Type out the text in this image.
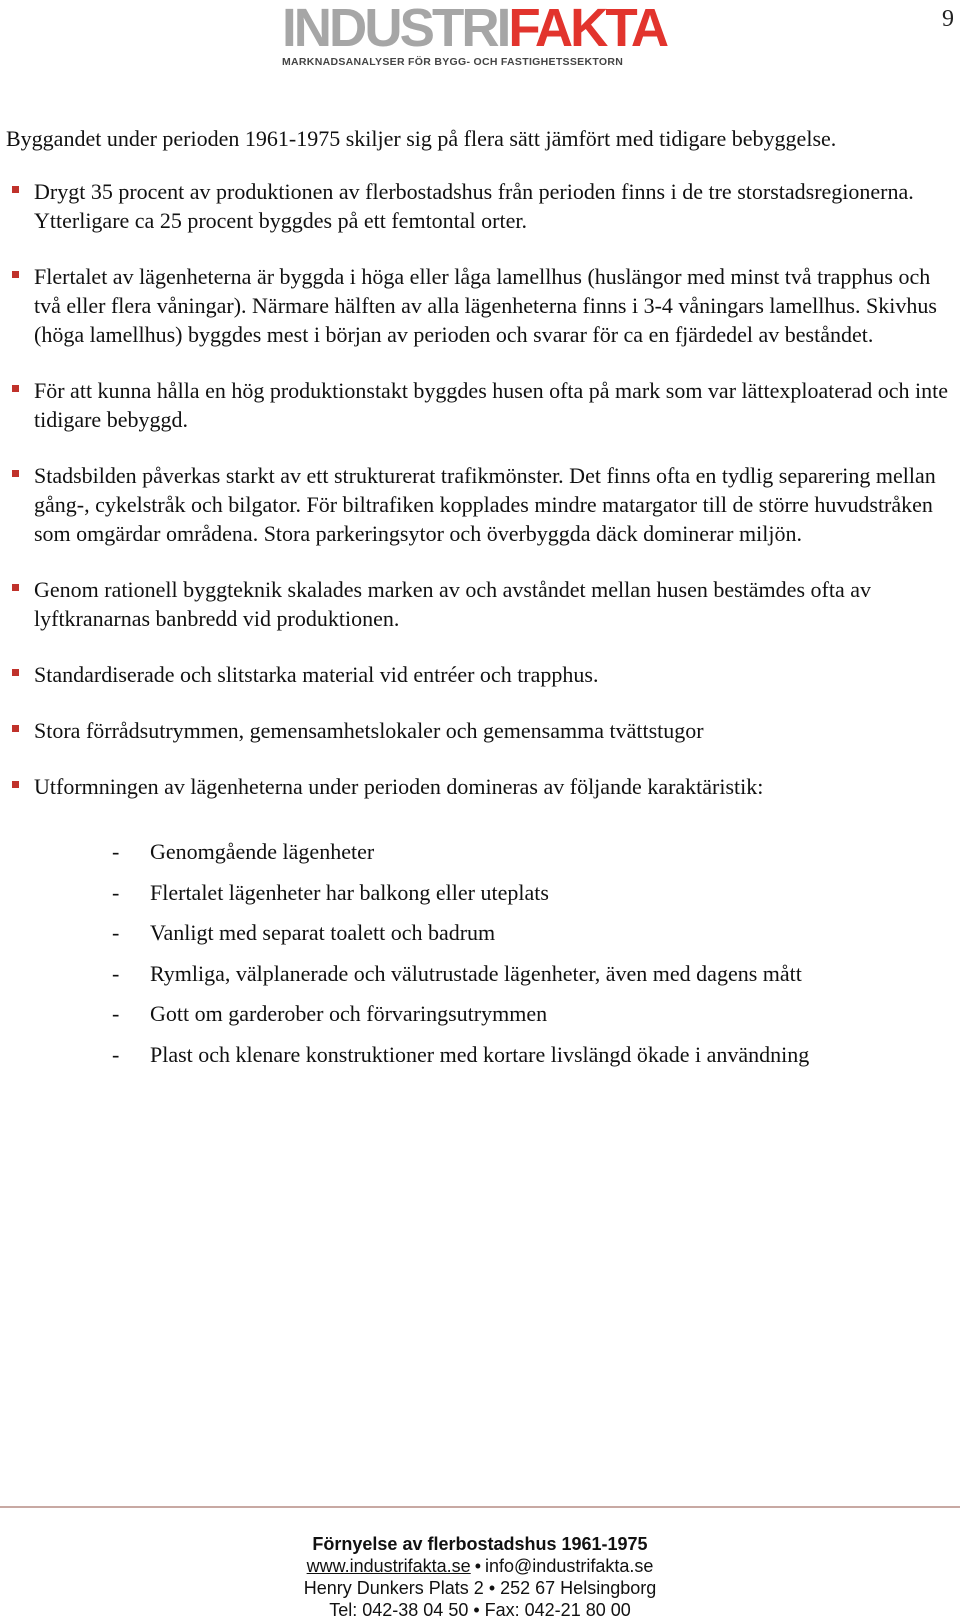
9
INDUSTRIFAKTA
MARKNADSANALYSER FÖR BYGG- OCH FASTIGHETSSEKTORN

Byggandet under perioden 1961-1975 skiljer sig på flera sätt jämfört med tidigare bebyggelse.

Drygt 35 procent av produktionen av flerbostadshus från perioden finns i de tre storstadsregionerna. Ytterligare ca 25 procent byggdes på ett femtontal orter.
Flertalet av lägenheterna är byggda i höga eller låga lamellhus (huslängor med minst två trapphus och två eller flera våningar). Närmare hälften av alla lägenheterna finns i 3-4 våningars lamellhus. Skivhus (höga lamellhus) byggdes mest i början av perioden och svarar för ca en fjärdedel av beståndet.
För att kunna hålla en hög produktionstakt byggdes husen ofta på mark som var lättexploaterad och inte tidigare bebyggd.
Stadsbilden påverkas starkt av ett strukturerat trafikmönster. Det finns ofta en tydlig separering mellan gång-, cykelstråk och bilgator. För biltrafiken kopplades mindre matargator till de större huvudstråken som omgärdar områdena. Stora parkeringsytor och överbyggda däck dominerar miljön.
Genom rationell byggteknik skalades marken av och avståndet mellan husen bestämdes ofta av lyftkranarnas banbredd vid produktionen.
Standardiserade och slitstarka material vid entréer och trapphus.
Stora förrådsutrymmen, gemensamhetslokaler och gemensamma tvättstugor
Utformningen av lägenheterna under perioden domineras av följande karaktäristik:
- Genomgående lägenheter
- Flertalet lägenheter har balkong eller uteplats
- Vanligt med separat toalett och badrum
- Rymliga, välplanerade och välutrustade lägenheter, även med dagens mått
- Gott om garderober och förvaringsutrymmen
- Plast och klenare konstruktioner med kortare livslängd ökade i användning
Förnyelse av flerbostadshus 1961-1975
www.industrifakta.se • info@industrifakta.se
Henry Dunkers Plats 2 • 252 67 Helsingborg
Tel: 042-38 04 50 • Fax: 042-21 80 00
